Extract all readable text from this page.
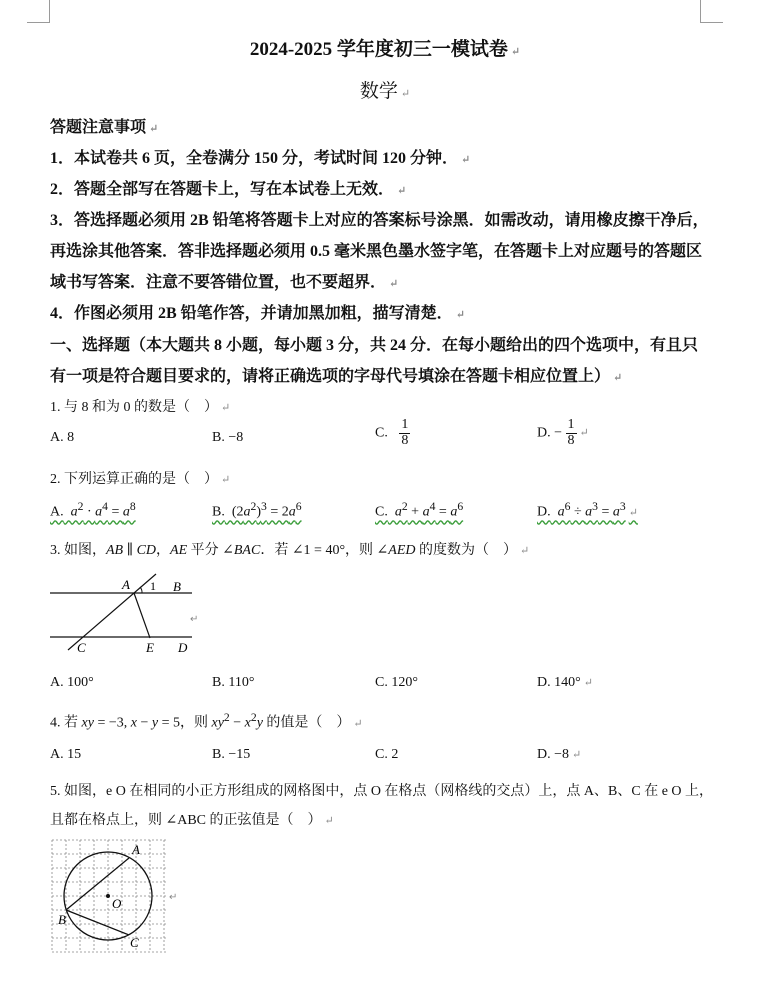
2024-2025 学年度初三一模试卷 ↵
数学 ↵
答题注意事项 ↵
1．本试卷共 6 页，全卷满分 150 分，考试时间 120 分钟． ↵
2．答题全部写在答题卡上，写在本试卷上无效． ↵
3．答选择题必须用 2B 铅笔将答题卡上对应的答案标号涂黑．如需改动，请用橡皮擦干净后，
再选涂其他答案．答非选择题必须用 0.5 毫米黑色墨水签字笔，在答题卡上对应题号的答题区
域书写答案．注意不要答错位置，也不要超界． ↵
4．作图必须用 2B 铅笔作答，并请加黑加粗，描写清楚． ↵
一、选择题（本大题共 8 小题，每小题 3 分，共 24 分．在每小题给出的四个选项中，有且只
有一项是符合题目要求的，请将正确选项的字母代号填涂在答题卡相应位置上） ↵
1. 与 8 和为 0 的数是（　） ↵
A. 8	B. −8	C. $\frac{1}{8}$	D. − $\frac{1}{8}$ ↵
2. 下列运算正确的是（　） ↵
A. $a^2 \cdot a^4 = a^8$	B.  $(2a^2)^3 = 2a^6$	C. $a^2 + a^4 = a^6$	D. $a^6 \div a^3 = a^3$ ↵
3. 如图，AB ∥ CD，AE 平分 ∠BAC．若 ∠1 = 40°，则 ∠AED 的度数为（　） ↵
A 1 B
C	E D
↵
A. 100°	B. 110°	C. 120°	D. 140° ↵
4. 若 xy = −3, x − y = 5，则 $xy^2 - x^2y$ 的值是（　） ↵
A. 15	B. −15	C. 2	D. −8 ↵
5. 如图，e O 在相同的小正方形组成的网格图中，点 O 在格点（网格线的交点）上，点 A、B、C 在 e O 上，
且都在格点上，则 ∠ABC 的正弦值是（　） ↵
A
O
B
C
↵
